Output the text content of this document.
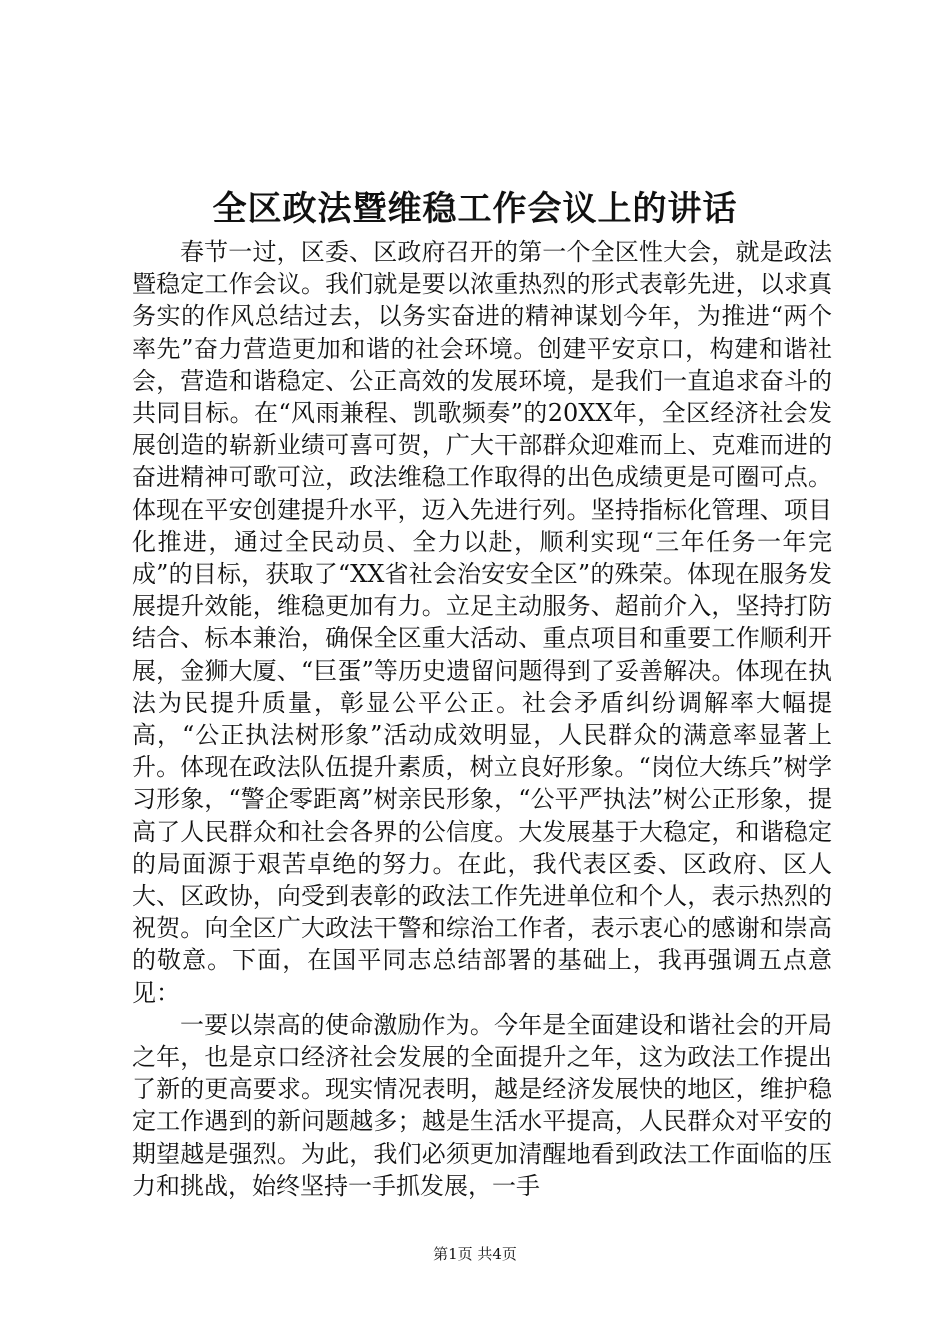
全区政法暨维稳工作会议上的讲话

春节一过，区委、区政府召开的第一个全区性大会，就是政法暨稳定工作会议。我们就是要以浓重热烈的形式表彰先进，以求真务实的作风总结过去，以务实奋进的精神谋划今年，为推进“两个率先”奋力营造更加和谐的社会环境。创建平安京口，构建和谐社会，营造和谐稳定、公正高效的发展环境，是我们一直追求奋斗的共同目标。在“风雨兼程、凯歌频奏”的20XX年，全区经济社会发展创造的崭新业绩可喜可贺，广大干部群众迎难而上、克难而进的奋进精神可歌可泣，政法维稳工作取得的出色成绩更是可圈可点。体现在平安创建提升水平，迈入先进行列。坚持指标化管理、项目化推进，通过全民动员、全力以赴，顺利实现“三年任务一年完成”的目标，获取了“XX省社会治安安全区”的殊荣。体现在服务发展提升效能，维稳更加有力。立足主动服务、超前介入，坚持打防结合、标本兼治，确保全区重大活动、重点项目和重要工作顺利开展，金狮大厦、“巨蛋”等历史遗留问题得到了妥善解决。体现在执法为民提升质量，彰显公平公正。社会矛盾纠纷调解率大幅提高，“公正执法树形象”活动成效明显，人民群众的满意率显著上升。体现在政法队伍提升素质，树立良好形象。“岗位大练兵”树学习形象，“警企零距离”树亲民形象，“公平严执法”树公正形象，提高了人民群众和社会各界的公信度。大发展基于大稳定，和谐稳定的局面源于艰苦卓绝的努力。在此，我代表区委、区政府、区人大、区政协，向受到表彰的政法工作先进单位和个人，表示热烈的祝贺。向全区广大政法干警和综治工作者，表示衷心的感谢和崇高的敬意。下面，在国平同志总结部署的基础上，我再强调五点意见：

一要以崇高的使命激励作为。今年是全面建设和谐社会的开局之年，也是京口经济社会发展的全面提升之年，这为政法工作提出了新的更高要求。现实情况表明，越是经济发展快的地区，维护稳定工作遇到的新问题越多；越是生活水平提高，人民群众对平安的期望越是强烈。为此，我们必须更加清醒地看到政法工作面临的压力和挑战，始终坚持一手抓发展，一手

第1页 共4页
